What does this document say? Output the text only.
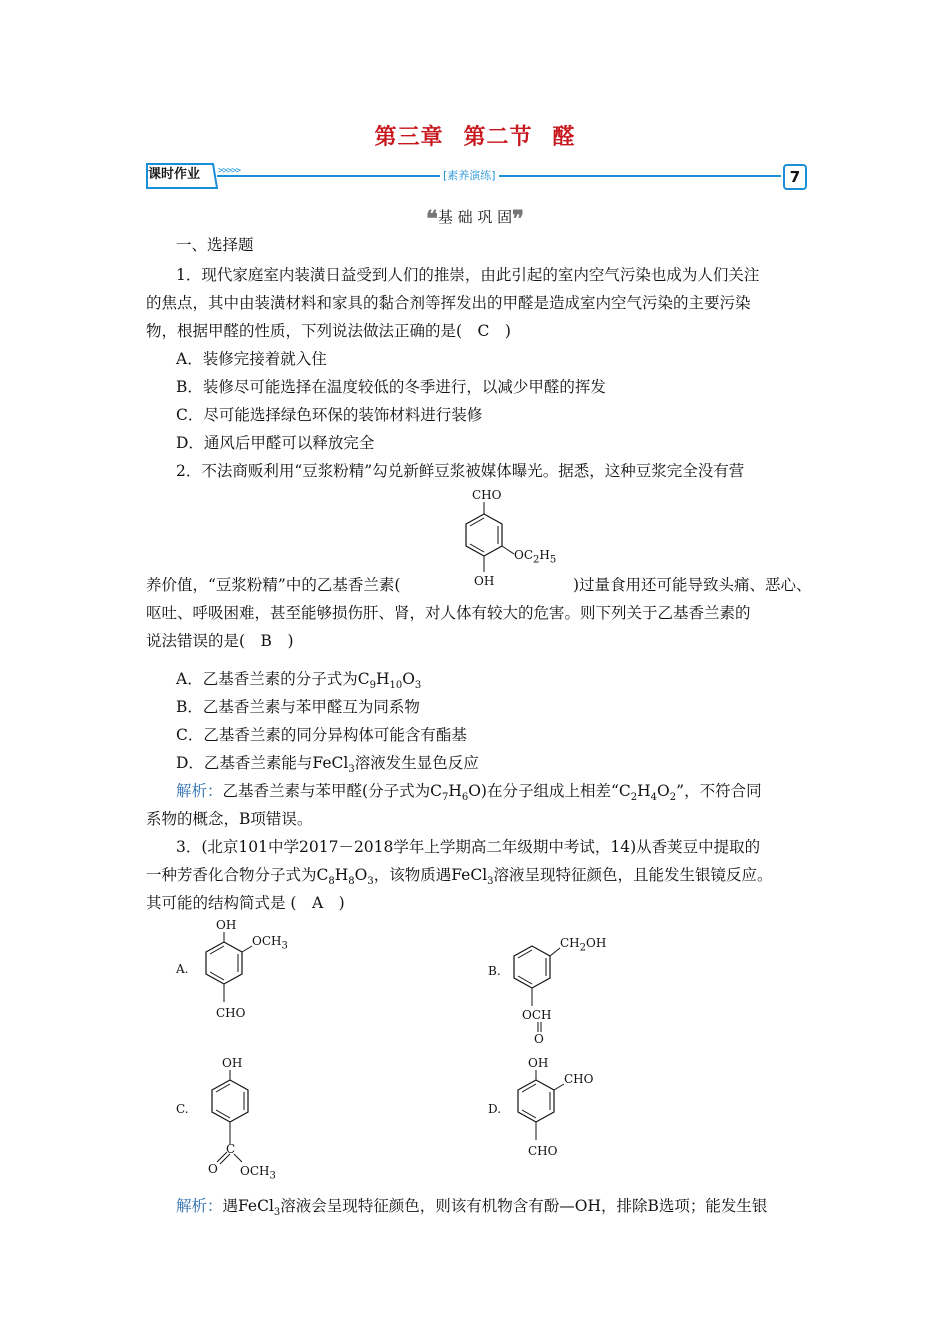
第三章 第二节 醛
课时作业 >>>>>	[素养演练]	7
❝基 础 巩 固❞
一、选择题
1．现代家庭室内装潢日益受到人们的推崇，由此引起的室内空气污染也成为人们关注
的焦点，其中由装潢材料和家具的黏合剂等挥发出的甲醛是造成室内空气污染的主要污染
物，根据甲醛的性质，下列说法做法正确的是(　C　)
A．装修完接着就入住
B．装修尽可能选择在温度较低的冬季进行，以减少甲醛的挥发
C．尽可能选择绿色环保的装饰材料进行装修
D．通风后甲醛可以释放完全
2．不法商贩利用“豆浆粉精”勾兑新鲜豆浆被媒体曝光。据悉，这种豆浆完全没有营
CHO
$OC_2H_5$
OH
养价值，“豆浆粉精”中的乙基香兰素(	)过量食用还可能导致头痛、恶心、
呕吐、呼吸困难，甚至能够损伤肝、肾，对人体有较大的危害。则下列关于乙基香兰素的
说法错误的是(　B　)
A．乙基香兰素的分子式为$C_9H_{10}O_3$
B．乙基香兰素与苯甲醛互为同系物
C．乙基香兰素的同分异构体可能含有酯基
D．乙基香兰素能与FeCl$_3$溶液发生显色反应
解析：乙基香兰素与苯甲醛(分子式为$C_7H_6O$)在分子组成上相差“$C_2H_4O_2$”，不符合同
系物的概念，B项错误。
3．(北京101中学2017－2018学年上学期高二年级期中考试，14)从香荚豆中提取的
一种芳香化合物分子式为$C_8H_8O_3$，该物质遇FeCl$_3$溶液呈现特征颜色，且能发生银镜反应。
其可能的结构简式是 (　A　)
A.
OH
$OCH_3$
CHO
B.
$CH_2OH$
OCH
O
C.
OH
C
O $OCH_3$
D.
OH
CHO
CHO
解析：遇FeCl$_3$溶液会呈现特征颜色，则该有机物含有酚—OH，排除B选项；能发生银
